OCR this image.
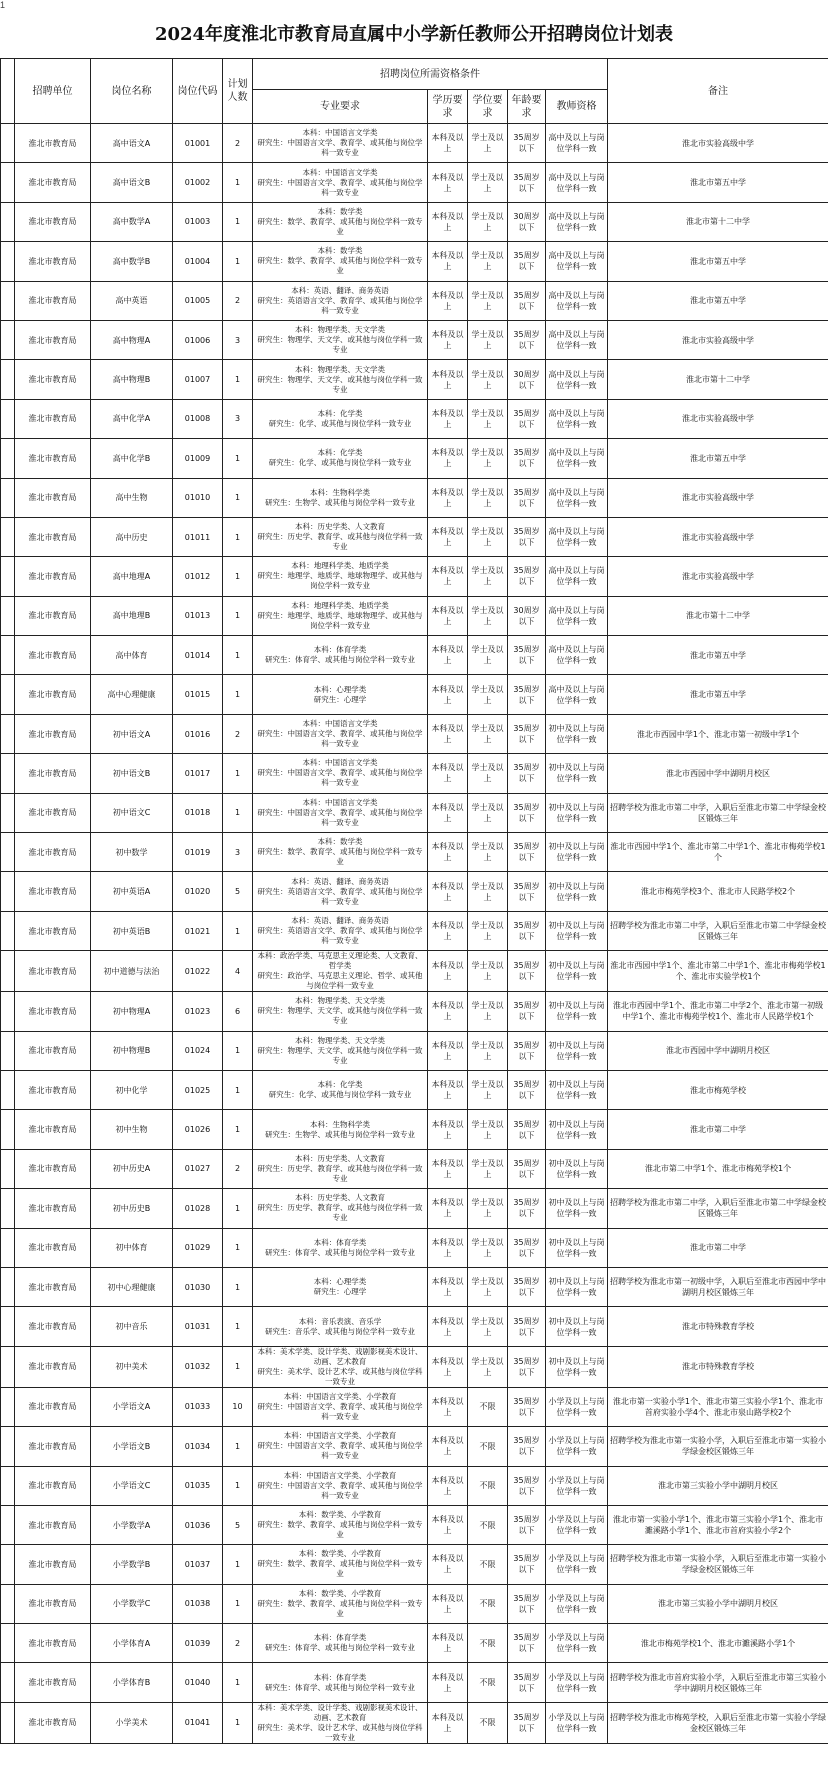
1
2024年度淮北市教育局直属中小学新任教师公开招聘岗位计划表
	招聘单位	岗位名称	岗位代码	计划人数	招聘岗位所需资格条件					备注
					专业要求	学历要求	学位要求	年龄要求	教师资格	
	淮北市教育局	高中语文A	01001	2	本科：中国语言文学类
研究生：中国语言文学、教育学、或其他与岗位学科一致专业	本科及以上	学士及以上	35周岁以下	高中及以上与岗位学科一致	淮北市实验高级中学
	淮北市教育局	高中语文B	01002	1	本科：中国语言文学类
研究生：中国语言文学、教育学、或其他与岗位学科一致专业	本科及以上	学士及以上	35周岁以下	高中及以上与岗位学科一致	淮北市第五中学
	淮北市教育局	高中数学A	01003	1	本科：数学类
研究生：数学、教育学、或其他与岗位学科一致专业	本科及以上	学士及以上	30周岁以下	高中及以上与岗位学科一致	淮北市第十二中学
	淮北市教育局	高中数学B	01004	1	本科：数学类
研究生：数学、教育学、或其他与岗位学科一致专业	本科及以上	学士及以上	35周岁以下	高中及以上与岗位学科一致	淮北市第五中学
	淮北市教育局	高中英语	01005	2	本科：英语、翻译、商务英语
研究生：英语语言文学、教育学、或其他与岗位学科一致专业	本科及以上	学士及以上	35周岁以下	高中及以上与岗位学科一致	淮北市第五中学
	淮北市教育局	高中物理A	01006	3	本科：物理学类、天文学类
研究生：物理学、天文学、或其他与岗位学科一致专业	本科及以上	学士及以上	35周岁以下	高中及以上与岗位学科一致	淮北市实验高级中学
	淮北市教育局	高中物理B	01007	1	本科：物理学类、天文学类
研究生：物理学、天文学、或其他与岗位学科一致专业	本科及以上	学士及以上	30周岁以下	高中及以上与岗位学科一致	淮北市第十二中学
	淮北市教育局	高中化学A	01008	3	本科：化学类
研究生：化学、或其他与岗位学科一致专业	本科及以上	学士及以上	35周岁以下	高中及以上与岗位学科一致	淮北市实验高级中学
	淮北市教育局	高中化学B	01009	1	本科：化学类
研究生：化学、或其他与岗位学科一致专业	本科及以上	学士及以上	35周岁以下	高中及以上与岗位学科一致	淮北市第五中学
	淮北市教育局	高中生物	01010	1	本科：生物科学类
研究生：生物学、或其他与岗位学科一致专业	本科及以上	学士及以上	35周岁以下	高中及以上与岗位学科一致	淮北市实验高级中学
	淮北市教育局	高中历史	01011	1	本科：历史学类、人文教育
研究生：历史学、教育学、或其他与岗位学科一致专业	本科及以上	学士及以上	35周岁以下	高中及以上与岗位学科一致	淮北市实验高级中学
	淮北市教育局	高中地理A	01012	1	本科：地理科学类、地质学类
研究生：地理学、地质学、地球物理学、或其他与岗位学科一致专业	本科及以上	学士及以上	35周岁以下	高中及以上与岗位学科一致	淮北市实验高级中学
	淮北市教育局	高中地理B	01013	1	本科：地理科学类、地质学类
研究生：地理学、地质学、地球物理学、或其他与岗位学科一致专业	本科及以上	学士及以上	30周岁以下	高中及以上与岗位学科一致	淮北市第十二中学
	淮北市教育局	高中体育	01014	1	本科：体育学类
研究生：体育学、或其他与岗位学科一致专业	本科及以上	学士及以上	35周岁以下	高中及以上与岗位学科一致	淮北市第五中学
	淮北市教育局	高中心理健康	01015	1	本科：心理学类
研究生：心理学	本科及以上	学士及以上	35周岁以下	高中及以上与岗位学科一致	淮北市第五中学
	淮北市教育局	初中语文A	01016	2	本科：中国语言文学类
研究生：中国语言文学、教育学、或其他与岗位学科一致专业	本科及以上	学士及以上	35周岁以下	初中及以上与岗位学科一致	淮北市西园中学1个、淮北市第一初级中学1个
	淮北市教育局	初中语文B	01017	1	本科：中国语言文学类
研究生：中国语言文学、教育学、或其他与岗位学科一致专业	本科及以上	学士及以上	35周岁以下	初中及以上与岗位学科一致	淮北市西园中学中湖明月校区
	淮北市教育局	初中语文C	01018	1	本科：中国语言文学类
研究生：中国语言文学、教育学、或其他与岗位学科一致专业	本科及以上	学士及以上	35周岁以下	初中及以上与岗位学科一致	招聘学校为淮北市第二中学，入职后至淮北市第二中学绿金校区锻炼三年
	淮北市教育局	初中数学	01019	3	本科：数学类
研究生：数学、教育学、或其他与岗位学科一致专业	本科及以上	学士及以上	35周岁以下	初中及以上与岗位学科一致	淮北市西园中学1个、淮北市第二中学1个、淮北市梅苑学校1个
	淮北市教育局	初中英语A	01020	5	本科：英语、翻译、商务英语
研究生：英语语言文学、教育学、或其他与岗位学科一致专业	本科及以上	学士及以上	35周岁以下	初中及以上与岗位学科一致	淮北市梅苑学校3个、淮北市人民路学校2个
	淮北市教育局	初中英语B	01021	1	本科：英语、翻译、商务英语
研究生：英语语言文学、教育学、或其他与岗位学科一致专业	本科及以上	学士及以上	35周岁以下	初中及以上与岗位学科一致	招聘学校为淮北市第二中学，入职后至淮北市第二中学绿金校区锻炼三年
	淮北市教育局	初中道德与法治	01022	4	本科：政治学类、马克思主义理论类、人文教育、哲学类
研究生：政治学、马克思主义理论、哲学、或其他与岗位学科一致专业	本科及以上	学士及以上	35周岁以下	初中及以上与岗位学科一致	淮北市西园中学1个、淮北市第二中学1个、淮北市梅苑学校1个、淮北市实验学校1个
	淮北市教育局	初中物理A	01023	6	本科：物理学类、天文学类
研究生：物理学、天文学、或其他与岗位学科一致专业	本科及以上	学士及以上	35周岁以下	初中及以上与岗位学科一致	淮北市西园中学1个、淮北市第二中学2个、淮北市第一初级中学1个、淮北市梅苑学校1个、淮北市人民路学校1个
	淮北市教育局	初中物理B	01024	1	本科：物理学类、天文学类
研究生：物理学、天文学、或其他与岗位学科一致专业	本科及以上	学士及以上	35周岁以下	初中及以上与岗位学科一致	淮北市西园中学中湖明月校区
	淮北市教育局	初中化学	01025	1	本科：化学类
研究生：化学、或其他与岗位学科一致专业	本科及以上	学士及以上	35周岁以下	初中及以上与岗位学科一致	淮北市梅苑学校
	淮北市教育局	初中生物	01026	1	本科：生物科学类
研究生：生物学、或其他与岗位学科一致专业	本科及以上	学士及以上	35周岁以下	初中及以上与岗位学科一致	淮北市第二中学
	淮北市教育局	初中历史A	01027	2	本科：历史学类、人文教育
研究生：历史学、教育学、或其他与岗位学科一致专业	本科及以上	学士及以上	35周岁以下	初中及以上与岗位学科一致	淮北市第二中学1个、淮北市梅苑学校1个
	淮北市教育局	初中历史B	01028	1	本科：历史学类、人文教育
研究生：历史学、教育学、或其他与岗位学科一致专业	本科及以上	学士及以上	35周岁以下	初中及以上与岗位学科一致	招聘学校为淮北市第二中学，入职后至淮北市第二中学绿金校区锻炼三年
	淮北市教育局	初中体育	01029	1	本科：体育学类
研究生：体育学、或其他与岗位学科一致专业	本科及以上	学士及以上	35周岁以下	初中及以上与岗位学科一致	淮北市第二中学
	淮北市教育局	初中心理健康	01030	1	本科：心理学类
研究生：心理学	本科及以上	学士及以上	35周岁以下	初中及以上与岗位学科一致	招聘学校为淮北市第一初级中学，入职后至淮北市西园中学中湖明月校区锻炼三年
	淮北市教育局	初中音乐	01031	1	本科：音乐表演、音乐学
研究生：音乐学、或其他与岗位学科一致专业	本科及以上	学士及以上	35周岁以下	初中及以上与岗位学科一致	淮北市特殊教育学校
	淮北市教育局	初中美术	01032	1	本科：美术学类、设计学类、戏剧影视美术设计、动画、艺术教育
研究生：美术学、设计艺术学、或其他与岗位学科一致专业	本科及以上	学士及以上	35周岁以下	初中及以上与岗位学科一致	淮北市特殊教育学校
	淮北市教育局	小学语文A	01033	10	本科：中国语言文学类、小学教育
研究生：中国语言文学、教育学、或其他与岗位学科一致专业	本科及以上	不限	35周岁以下	小学及以上与岗位学科一致	淮北市第一实验小学1个、淮北市第三实验小学1个、淮北市首府实验小学4个、淮北市泉山路学校2个
	淮北市教育局	小学语文B	01034	1	本科：中国语言文学类、小学教育
研究生：中国语言文学、教育学、或其他与岗位学科一致专业	本科及以上	不限	35周岁以下	小学及以上与岗位学科一致	招聘学校为淮北市第一实验小学，入职后至淮北市第一实验小学绿金校区锻炼三年
	淮北市教育局	小学语文C	01035	1	本科：中国语言文学类、小学教育
研究生：中国语言文学、教育学、或其他与岗位学科一致专业	本科及以上	不限	35周岁以下	小学及以上与岗位学科一致	淮北市第三实验小学中湖明月校区
	淮北市教育局	小学数学A	01036	5	本科：数学类、小学教育
研究生：数学、教育学、或其他与岗位学科一致专业	本科及以上	不限	35周岁以下	小学及以上与岗位学科一致	淮北市第一实验小学1个、淮北市第三实验小学1个、淮北市濉溪路小学1个、淮北市首府实验小学2个
	淮北市教育局	小学数学B	01037	1	本科：数学类、小学教育
研究生：数学、教育学、或其他与岗位学科一致专业	本科及以上	不限	35周岁以下	小学及以上与岗位学科一致	招聘学校为淮北市第一实验小学，入职后至淮北市第一实验小学绿金校区锻炼三年
	淮北市教育局	小学数学C	01038	1	本科：数学类、小学教育
研究生：数学、教育学、或其他与岗位学科一致专业	本科及以上	不限	35周岁以下	小学及以上与岗位学科一致	淮北市第三实验小学中湖明月校区
	淮北市教育局	小学体育A	01039	2	本科：体育学类
研究生：体育学、或其他与岗位学科一致专业	本科及以上	不限	35周岁以下	小学及以上与岗位学科一致	淮北市梅苑学校1个、淮北市濉溪路小学1个
	淮北市教育局	小学体育B	01040	1	本科：体育学类
研究生：体育学、或其他与岗位学科一致专业	本科及以上	不限	35周岁以下	小学及以上与岗位学科一致	招聘学校为淮北市首府实验小学，入职后至淮北市第三实验小学中湖明月校区锻炼三年
	淮北市教育局	小学美术	01041	1	本科：美术学类、设计学类、戏剧影视美术设计、动画、艺术教育
研究生：美术学、设计艺术学、或其他与岗位学科一致专业	本科及以上	不限	35周岁以下	小学及以上与岗位学科一致	招聘学校为淮北市梅苑学校，入职后至淮北市第一实验小学绿金校区锻炼三年
